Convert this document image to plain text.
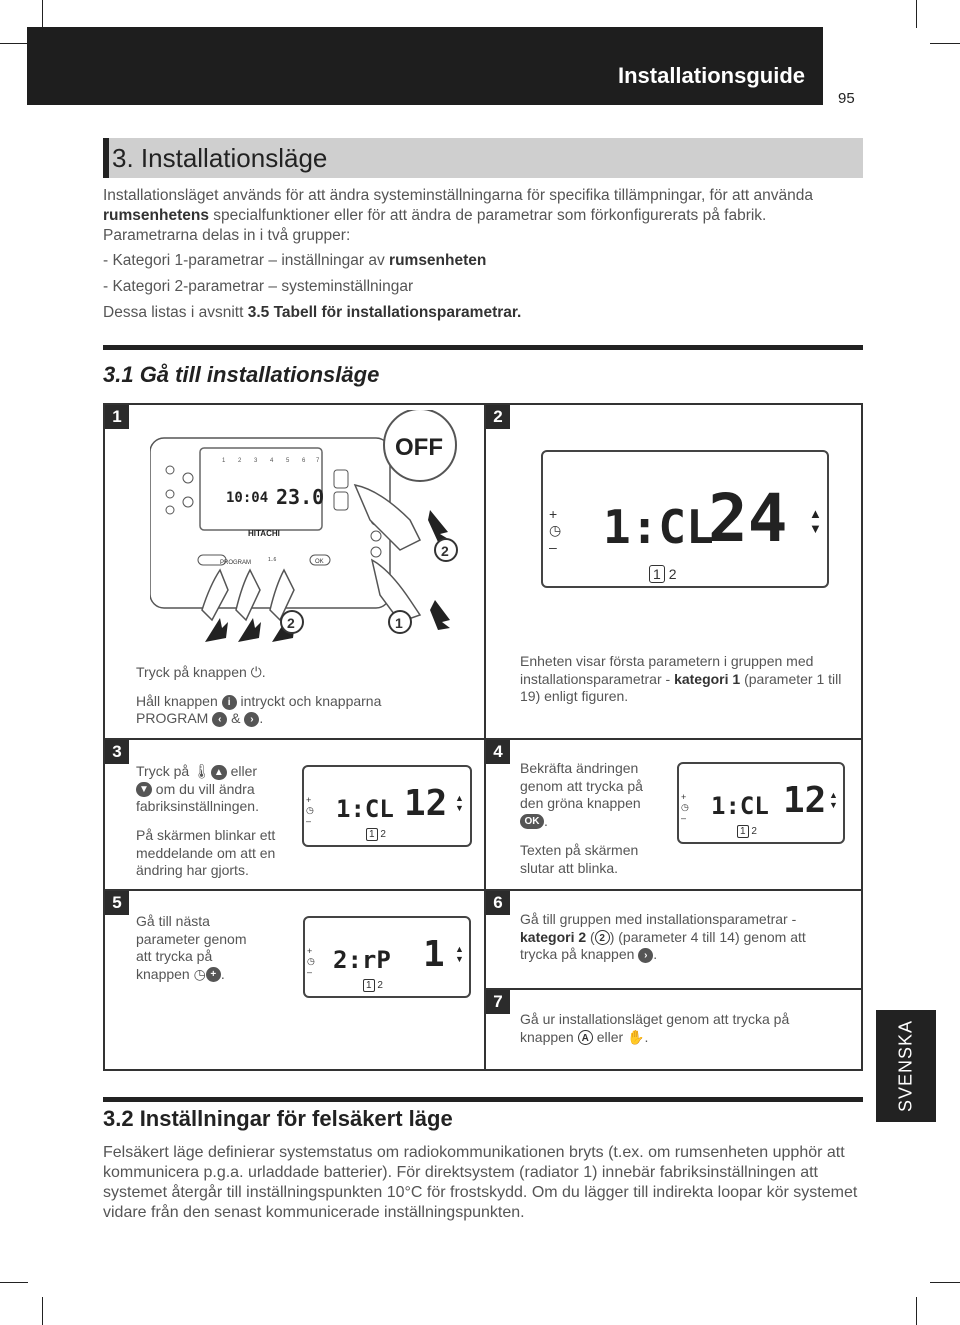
Installationsguide
95
3. Installationsläge
Installationsläget används för att ändra systeminställningarna för specifika tillämpningar, för att använda rumsenhetens specialfunktioner eller för att ändra de parametrar som förkonfigurerats på fabrik.
Parametrarna delas in i två grupper:
- Kategori 1-parametrar – inställningar av rumsenheten
- Kategori 2-parametrar – systeminställningar
Dessa listas i avsnitt 3.5 Tabell för installationsparametrar.
3.1 Gå till installationsläge
1
1 2 3 4 5 6 7
10:04 23.0
HITACHI
PROGRAM	1..6	OK
OFF
2
2	1
Tryck på knappen ⏻.
Håll knappen i intryckt och knapparna
PROGRAM ‹ & › .
2
1:CL
24
+
◷
–
▲
▼
1 2
Enheten visar första parametern i gruppen med installationsparametrar - kategori 1 (parameter 1 till 19) enligt figuren.
3
Tryck på 🌡 ▲ eller
▼ om du vill ändra
fabriksinställningen.
På skärmen blinkar ett
meddelande om att en
ändring har gjorts.
1:CL 12
+
◷
–
▲
▼
1 2
4
Bekräfta ändringen
genom att trycka på
den gröna knappen
OK .
Texten på skärmen
slutar att blinka.
1:CL 12
+
◷
–
▲
▼
1 2
5
Gå till nästa
parameter genom
att trycka på
knappen ◷ + .	2:rP 1
+
◷
–
▲
▼
1 2
6
Gå till gruppen med installationsparametrar -
kategori 2 ( 2 ) (parameter 4 till 14) genom att
trycka på knappen › .
7
Gå ur installationsläget genom att trycka på
knappen A eller ✋.	SVENSKA
3.2 Inställningar för felsäkert läge
Felsäkert läge definierar systemstatus om radiokommunikationen bryts (t.ex. om rumsenheten upphör att kommunicera p.g.a. urladdade batterier). För direktsystem (radiator 1) innebär fabriksinställningen att systemet återgår till inställningspunkten 10°C för frostskydd. Om du lägger till indirekta loopar kör systemet vidare från den senast kommunicerade inställningspunkten.
